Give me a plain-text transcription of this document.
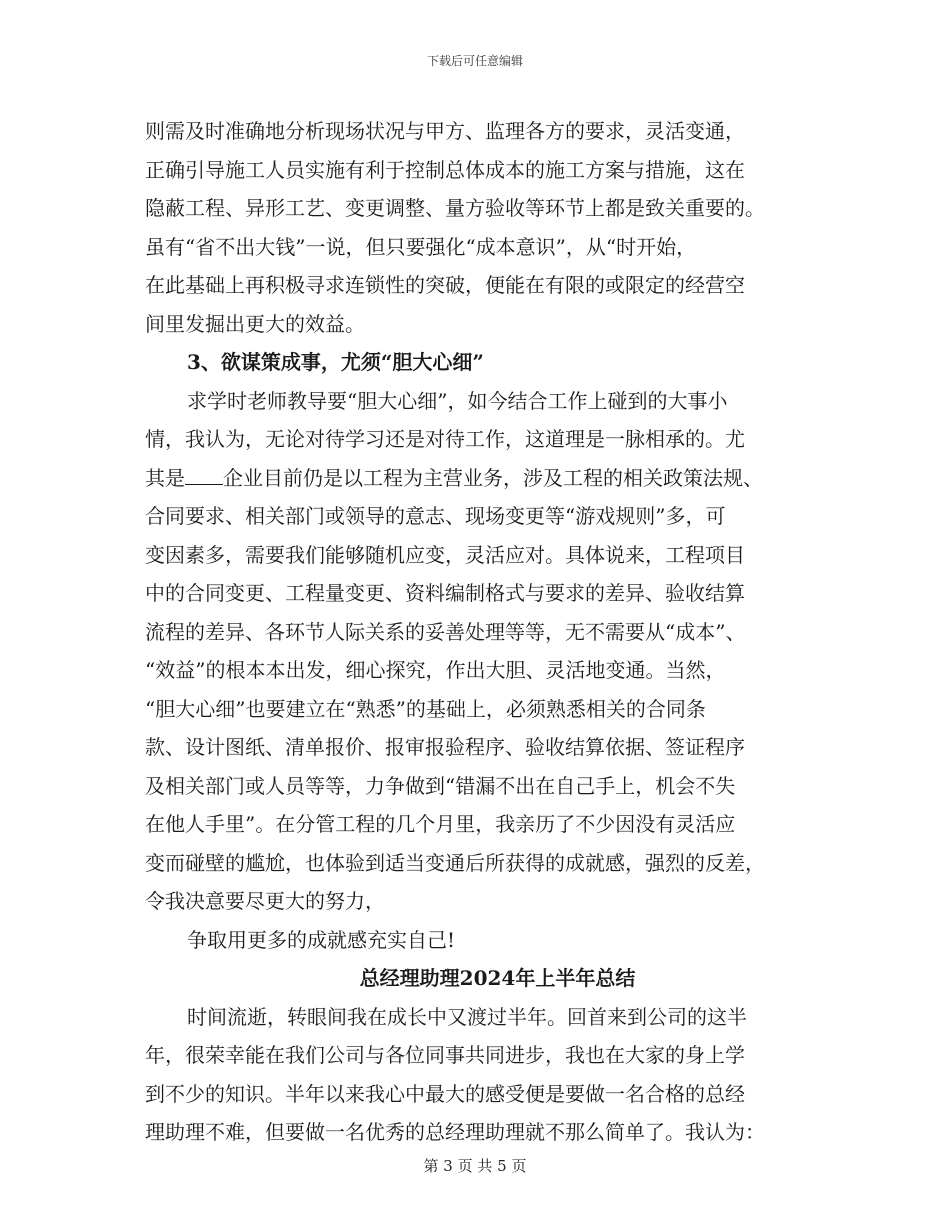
下载后可任意编辑
则需及时准确地分析现场状况与甲方、监理各方的要求，灵活变通，
正确引导施工人员实施有利于控制总体成本的施工方案与措施，这在
隐蔽工程、异形工艺、变更调整、量方验收等环节上都是致关重要的。
虽有“省不出大钱”一说，但只要强化“成本意识”，从“时开始，
在此基础上再积极寻求连锁性的突破，便能在有限的或限定的经营空
间里发掘出更大的效益。
3、欲谋策成事，尤须“胆大心细”
求学时老师教导要“胆大心细”，如今结合工作上碰到的大事小
情，我认为，无论对待学习还是对待工作，这道理是一脉相承的。尤
其是 企业目前仍是以工程为主营业务，涉及工程的相关政策法规、
合同要求、相关部门或领导的意志、现场变更等“游戏规则”多，可
变因素多，需要我们能够随机应变，灵活应对。具体说来，工程项目
中的合同变更、工程量变更、资料编制格式与要求的差异、验收结算
流程的差异、各环节人际关系的妥善处理等等，无不需要从“成本”、
“效益”的根本本出发，细心探究，作出大胆、灵活地变通。当然，
“胆大心细”也要建立在“熟悉”的基础上，必须熟悉相关的合同条
款、设计图纸、清单报价、报审报验程序、验收结算依据、签证程序
及相关部门或人员等等，力争做到“错漏不出在自己手上，机会不失
在他人手里”。在分管工程的几个月里，我亲历了不少因没有灵活应
变而碰壁的尴尬，也体验到适当变通后所获得的成就感，强烈的反差，
令我决意要尽更大的努力，
争取用更多的成就感充实自己!
总经理助理2024年上半年总结
时间流逝，转眼间我在成长中又渡过半年。回首来到公司的这半
年，很荣幸能在我们公司与各位同事共同进步，我也在大家的身上学
到不少的知识。半年以来我心中最大的感受便是要做一名合格的总经
理助理不难，但要做一名优秀的总经理助理就不那么简单了。我认为：
第 3 页 共 5 页
